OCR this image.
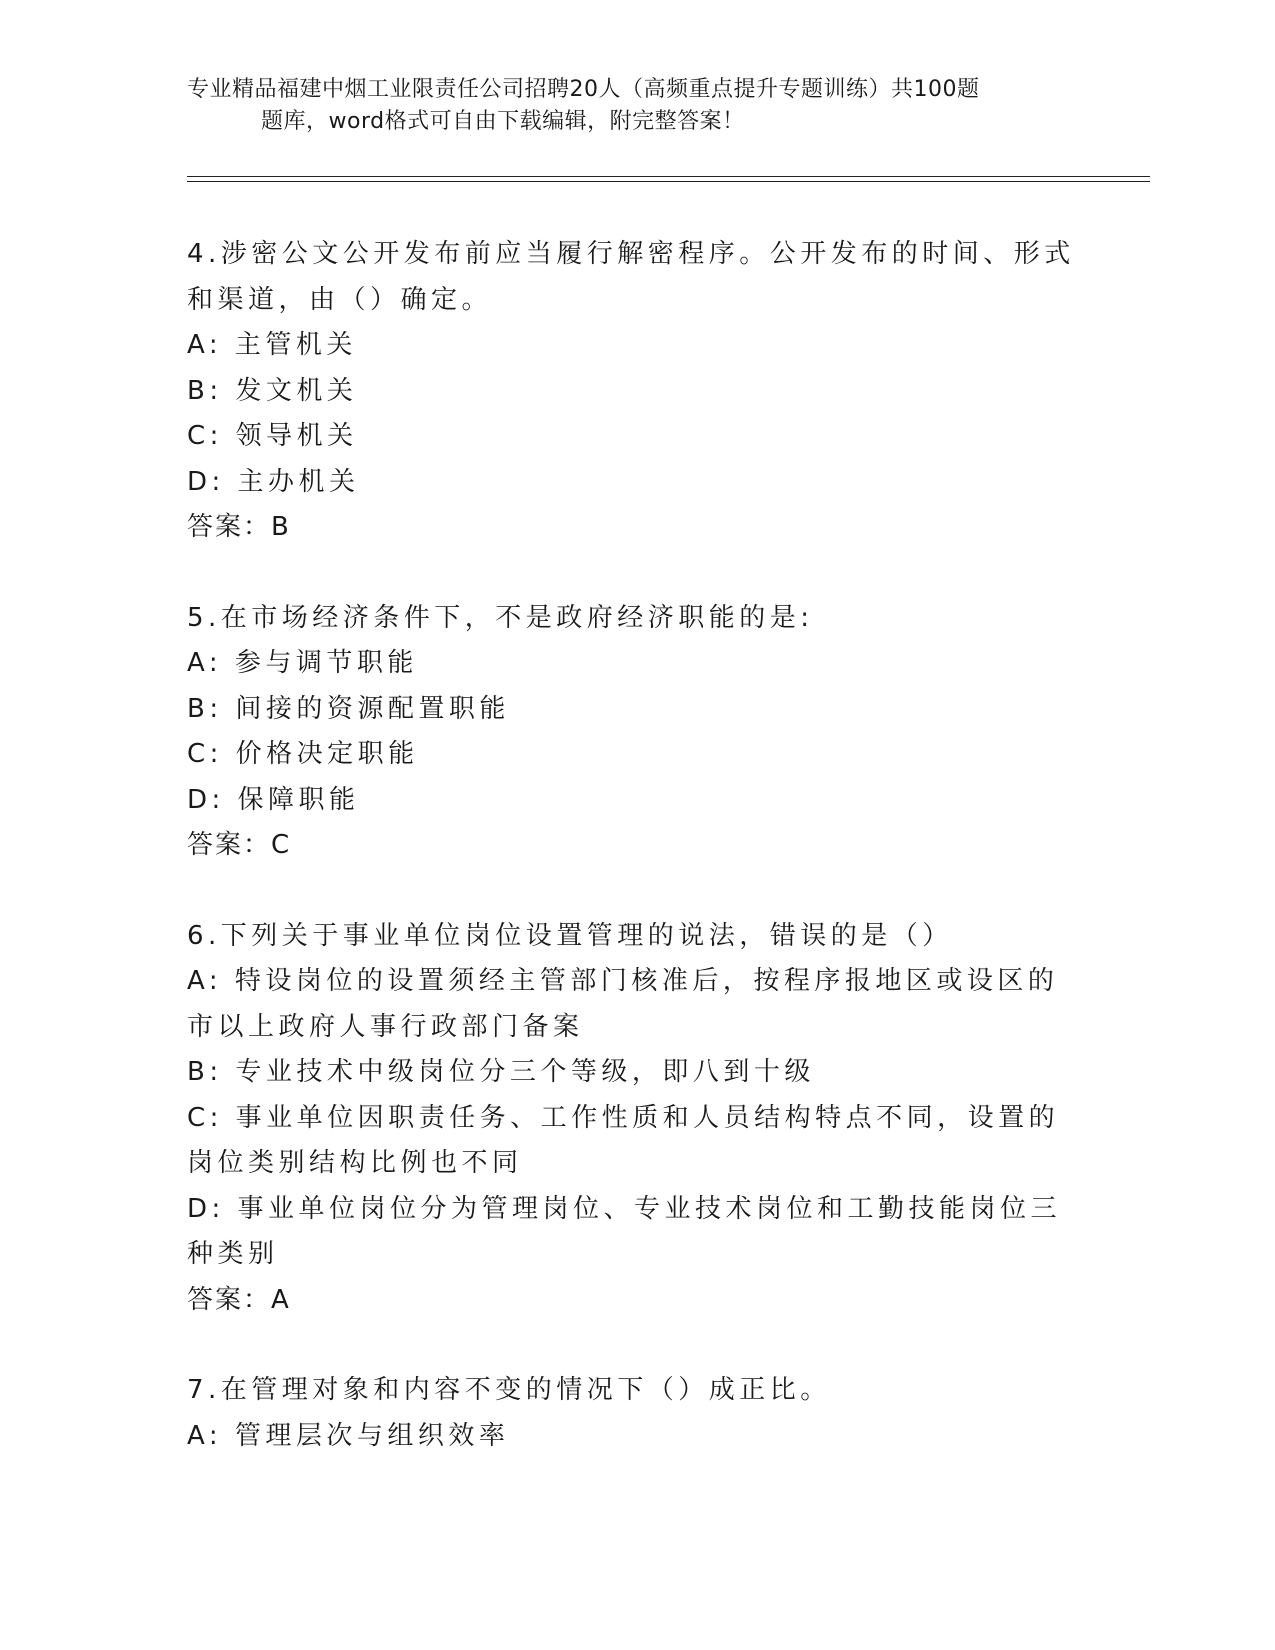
专业精品福建中烟工业限责任公司招聘20人（高频重点提升专题训练）共100题
题库，word格式可自由下载编辑，附完整答案！
4.涉密公文公开发布前应当履行解密程序。公开发布的时间、形式和渠道，由（）确定。
A: 主管机关
B: 发文机关
C: 领导机关
D: 主办机关
答案：B
5.在市场经济条件下，不是政府经济职能的是:
A: 参与调节职能
B: 间接的资源配置职能
C: 价格决定职能
D: 保障职能
答案：C
6.下列关于事业单位岗位设置管理的说法，错误的是（）
A: 特设岗位的设置须经主管部门核准后，按程序报地区或设区的市以上政府人事行政部门备案
B: 专业技术中级岗位分三个等级，即八到十级
C: 事业单位因职责任务、工作性质和人员结构特点不同，设置的岗位类别结构比例也不同
D: 事业单位岗位分为管理岗位、专业技术岗位和工勤技能岗位三种类别
答案：A
7.在管理对象和内容不变的情况下（）成正比。
A: 管理层次与组织效率
